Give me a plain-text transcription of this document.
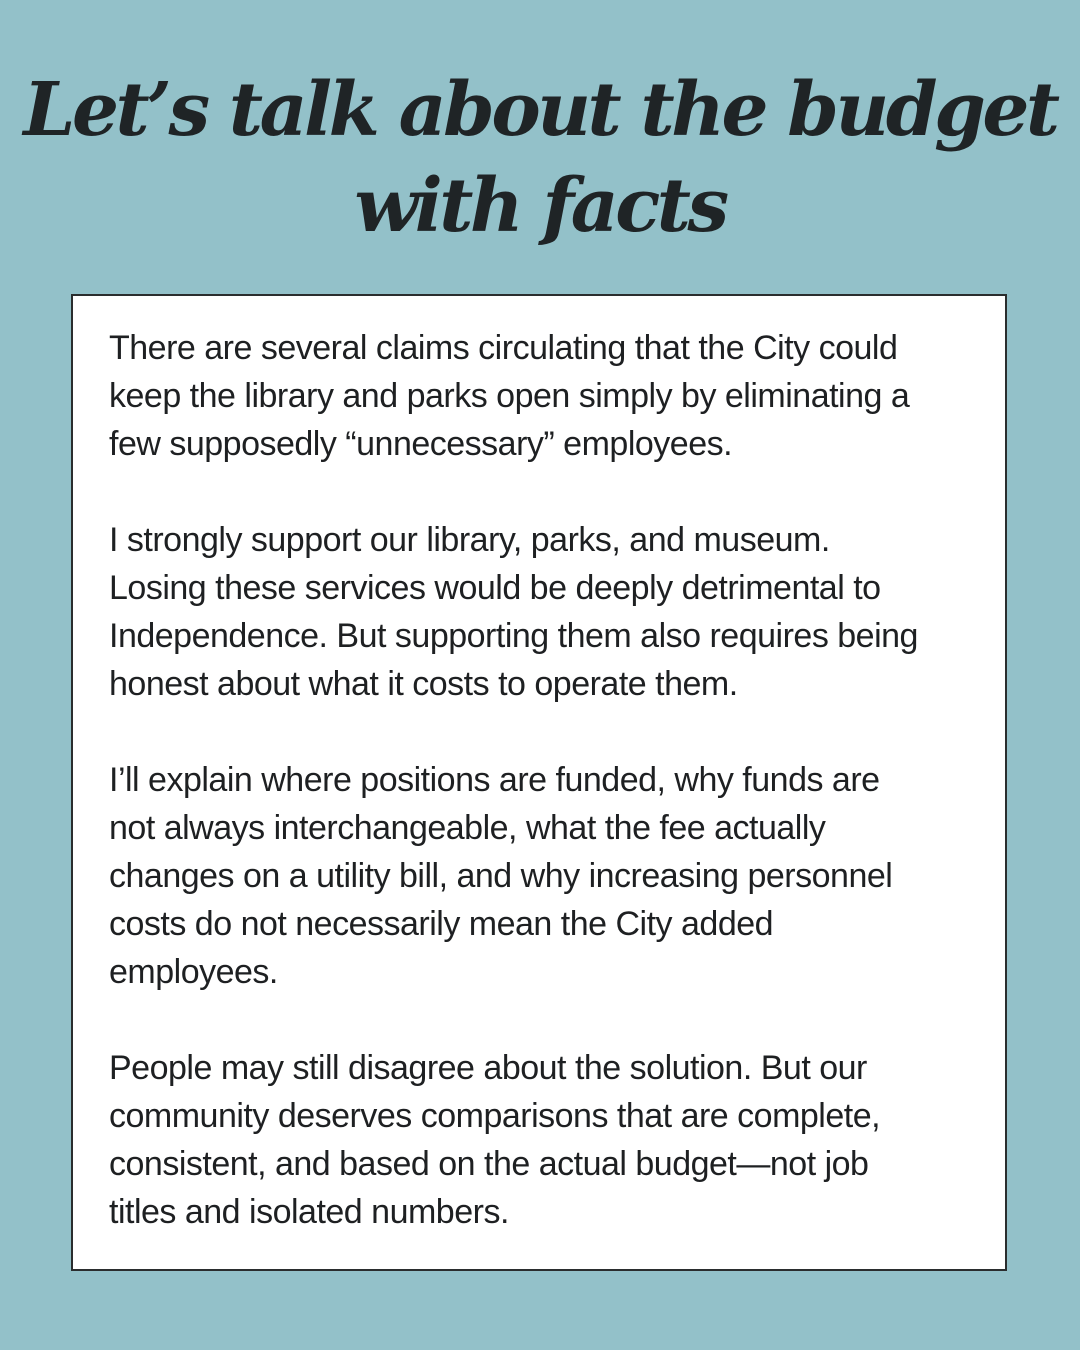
Let’s talk about the budget
with facts

There are several claims circulating that the City could
keep the library and parks open simply by eliminating a
few supposedly “unnecessary” employees.

I strongly support our library, parks, and museum.
Losing these services would be deeply detrimental to
Independence. But supporting them also requires being
honest about what it costs to operate them.

I’ll explain where positions are funded, why funds are
not always interchangeable, what the fee actually
changes on a utility bill, and why increasing personnel
costs do not necessarily mean the City added
employees.

People may still disagree about the solution. But our
community deserves comparisons that are complete,
consistent, and based on the actual budget—not job
titles and isolated numbers.
